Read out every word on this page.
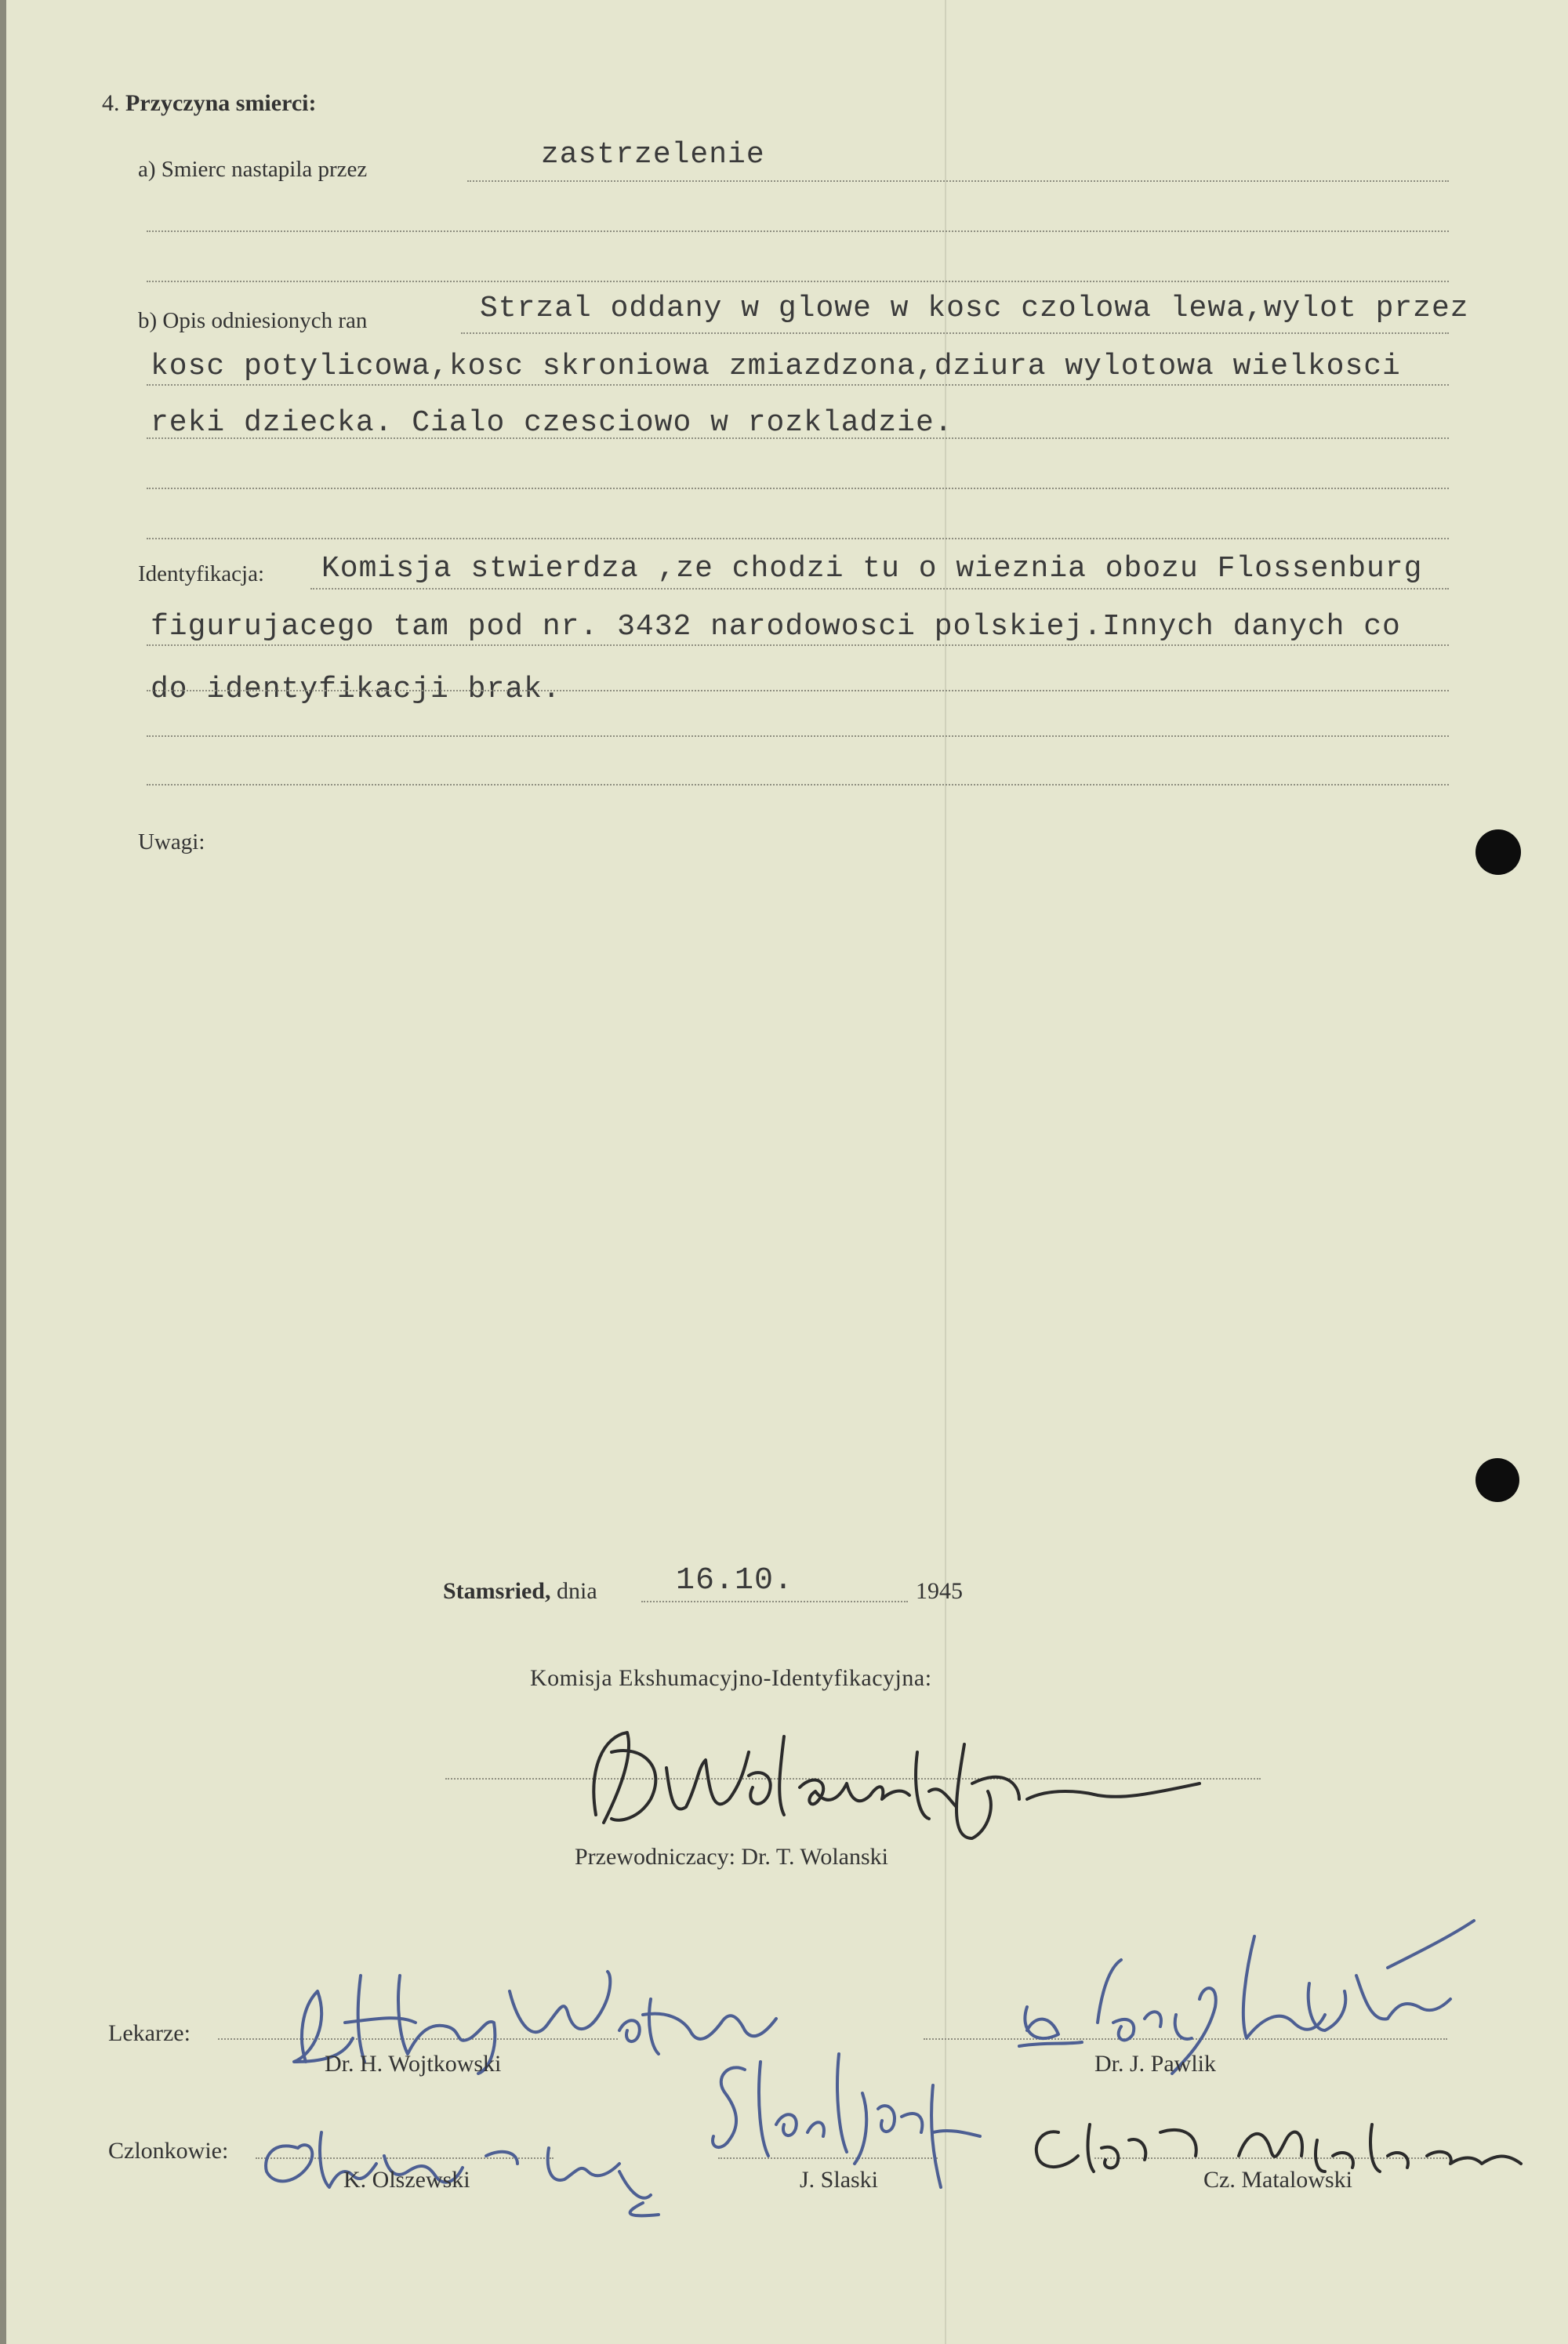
4. Przyczyna smierci:
a) Smierc nastapila przez	zastrzelenie
b) Opis odniesionych ran	Strzal oddany w glowe w kosc czolowa lewa,wylot przez
kosc potylicowa,kosc skroniowa zmiazdzona,dziura wylotowa wielkosci
reki dziecka. Cialo czesciowo w rozkladzie.
Identyfikacja: Komisja stwierdza ,ze chodzi tu o wieznia obozu Flossenburg
figurujacego tam pod nr. 3432 narodowosci polskiej.Innych danych co
do identyfikacji brak.
Uwagi:
Stamsried, dnia	16.10.	1945
Komisja Ekshumacyjno-Identyfikacyjna:
Przewodniczacy: Dr. T. Wolanski
Lekarze:
Dr. H. Wojtkowski	Dr. J. Pawlik
Czlonkowie:
K. Olszewski	J. Slaski	Cz. Matalowski
